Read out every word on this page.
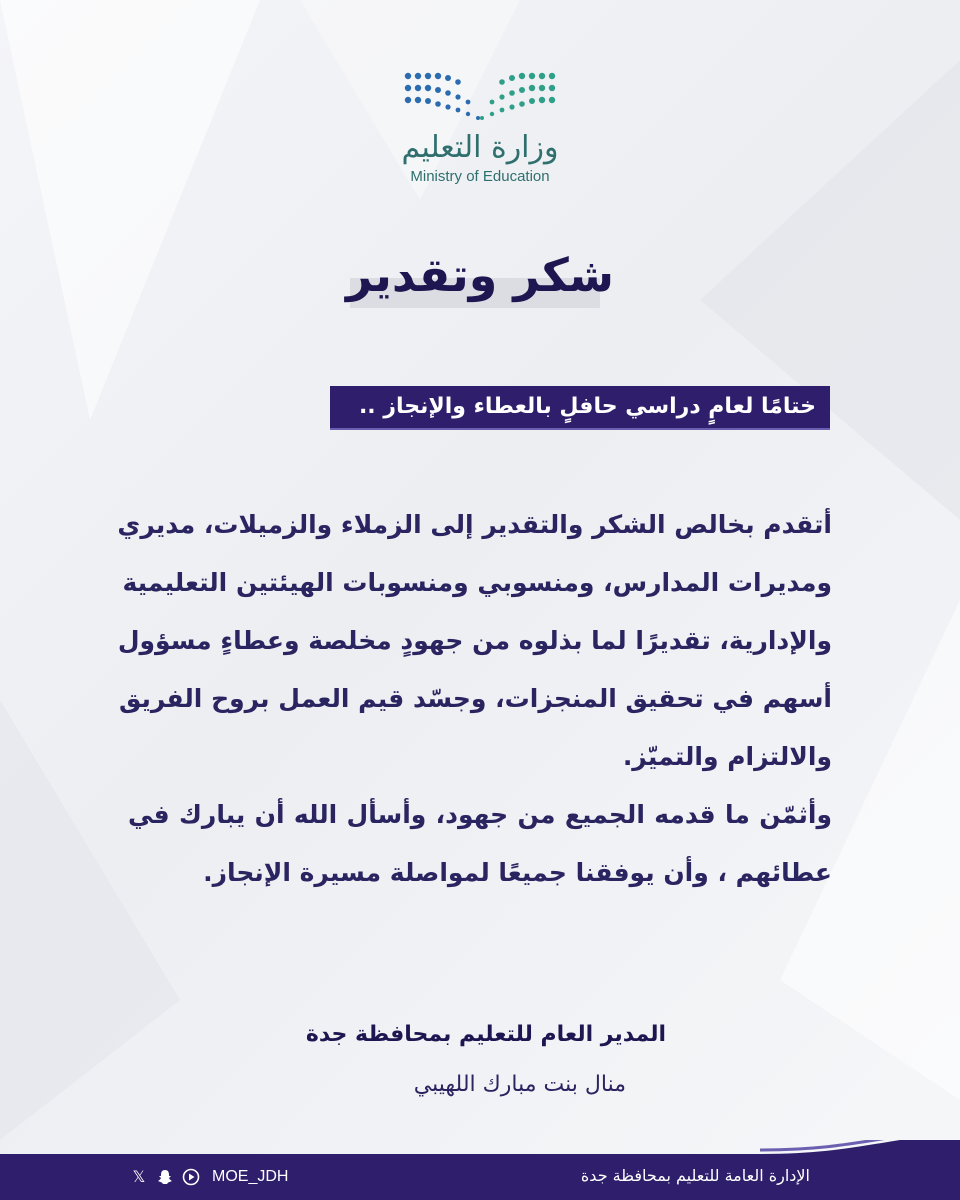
وزارة التعليم
Ministry of Education
شكر وتقدير
ختامًا لعامٍ دراسي حافلٍ بالعطاء والإنجاز ..
أتقدم بخالص الشكر والتقدير إلى الزملاء والزميلات، مديري
ومديرات المدارس، ومنسوبي ومنسوبات الهيئتين التعليمية
والإدارية، تقديرًا لما بذلوه من جهودٍ مخلصة وعطاءٍ مسؤول
أسهم في تحقيق المنجزات، وجسّد قيم العمل بروح الفريق
والالتزام والتميّز.
وأثمّن ما قدمه الجميع من جهود، وأسأل الله أن يبارك في
عطائهم ، وأن يوفقنا جميعًا لمواصلة مسيرة الإنجاز.
المدير العام للتعليم بمحافظة جدة
منال بنت مبارك اللهيبي
الإدارة العامة للتعليم بمحافظة جدة
𝕏	MOE_JDH
